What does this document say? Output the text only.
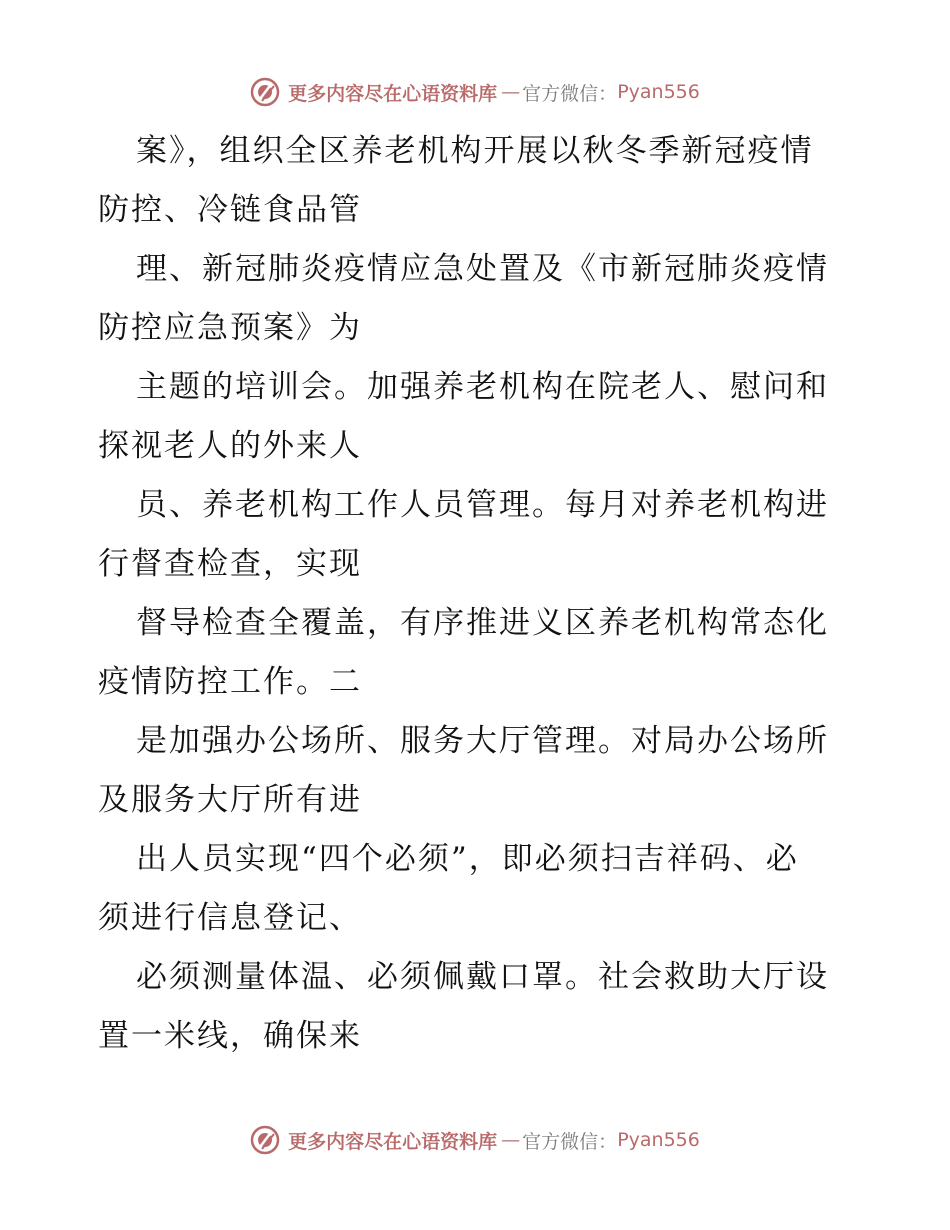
更多内容尽在心语资料库 — 官方微信： Pyan556
案》，组织全区养老机构开展以秋冬季新冠疫情
防控、冷链食品管
理、新冠肺炎疫情应急处置及《市新冠肺炎疫情
防控应急预案》为
主题的培训会。加强养老机构在院老人、慰问和
探视老人的外来人
员、养老机构工作人员管理。每月对养老机构进
行督查检查，实现
督导检查全覆盖，有序推进义区养老机构常态化
疫情防控工作。二
是加强办公场所、服务大厅管理。对局办公场所
及服务大厅所有进
出人员实现“四个必须”，即必须扫吉祥码、必
须进行信息登记、
必须测量体温、必须佩戴口罩。社会救助大厅设
置一米线，确保来
更多内容尽在心语资料库 — 官方微信： Pyan556
